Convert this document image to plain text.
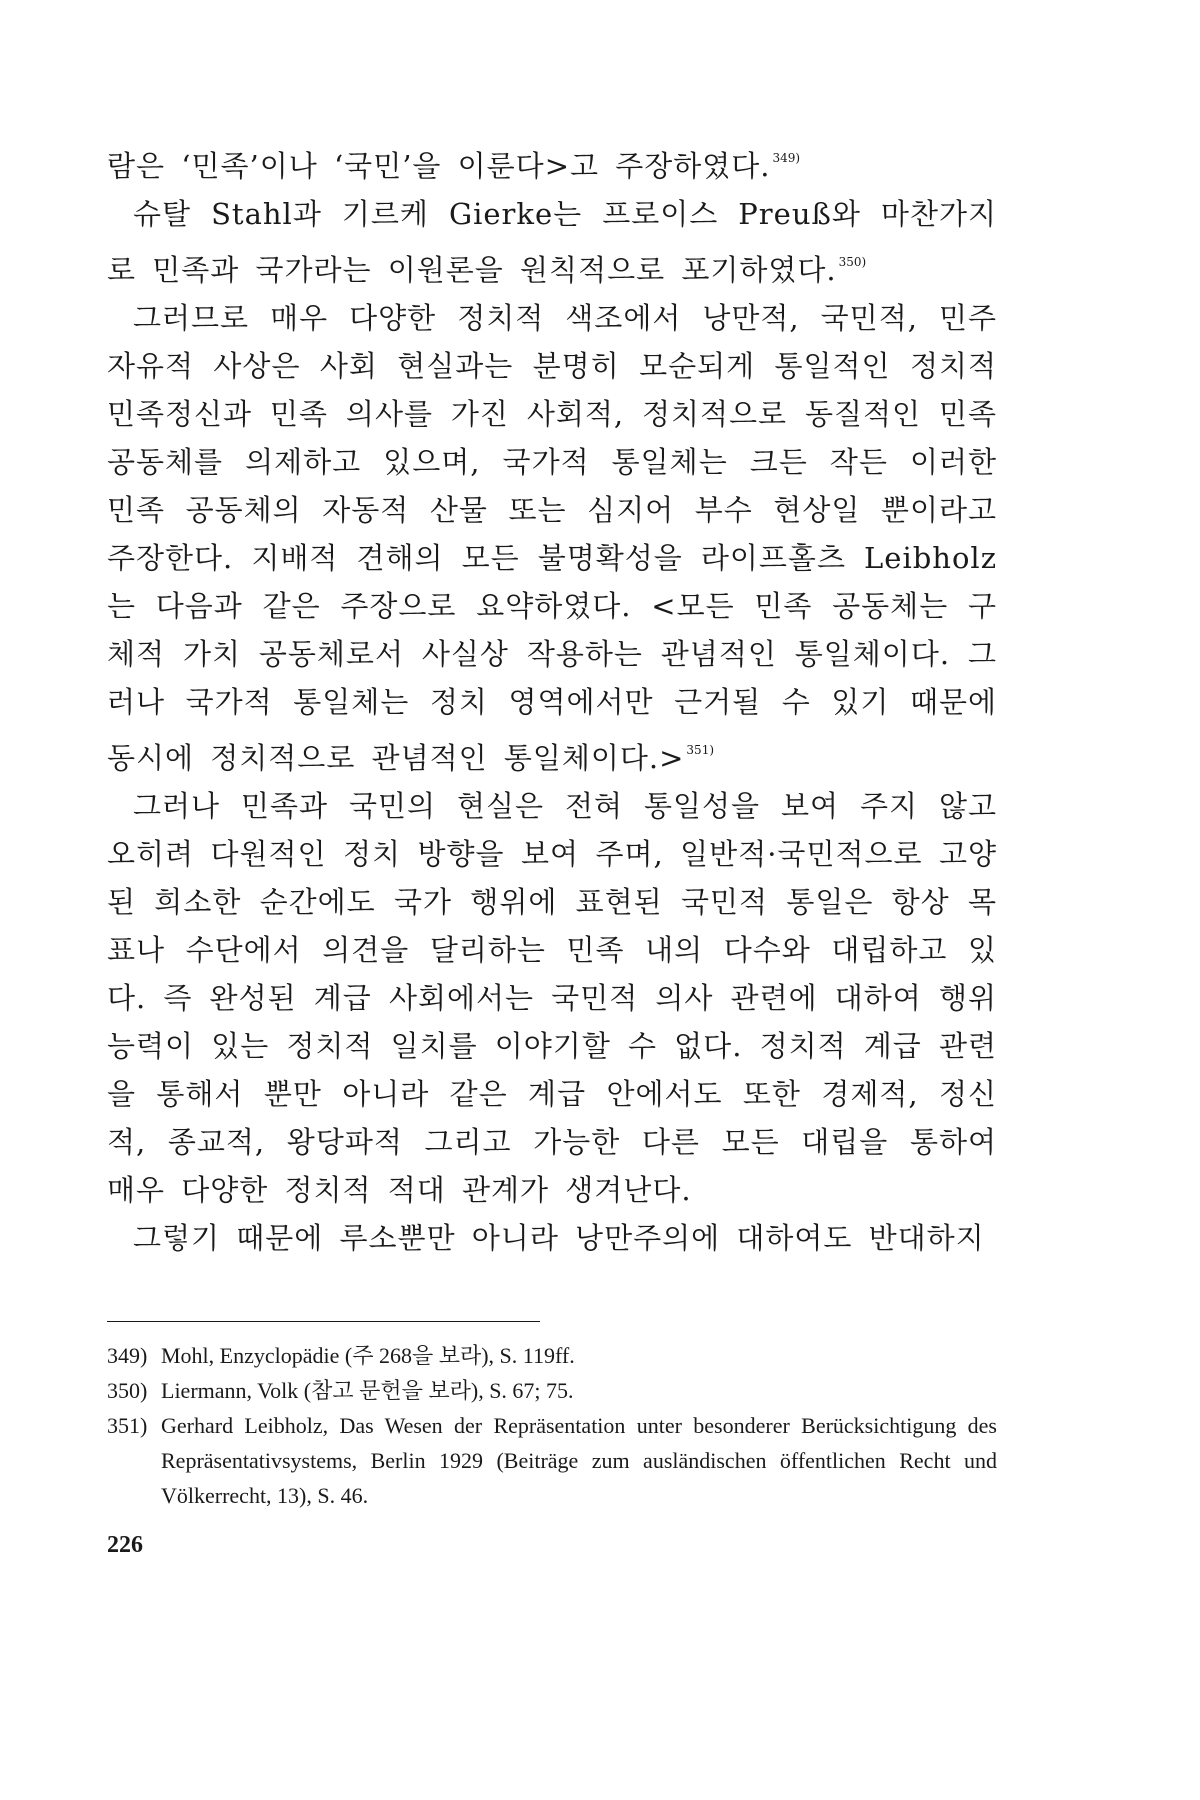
람은 ‘민족’이나 ‘국민’을 이룬다>고 주장하였다. $^{349)}$

슈탈 Stahl과 기르케 Gierke는 프로이스 Preuß와 마찬가지로 민족과 국가라는 이원론을 원칙적으로 포기하였다. $^{350)}$

그러므로 매우 다양한 정치적 색조에서 낭만적, 국민적, 민주 자유적 사상은 사회 현실과는 분명히 모순되게 통일적인 정치적 민족정신과 민족 의사를 가진 사회적, 정치적으로 동질적인 민족 공동체를 의제하고 있으며, 국가적 통일체는 크든 작든 이러한 민족 공동체의 자동적 산물 또는 심지어 부수 현상일 뿐이라고 주장한다. 지배적 견해의 모든 불명확성을 라이프홀츠 Leibholz는 다음과 같은 주장으로 요약하였다. <모든 민족 공동체는 구체적 가치 공동체로서 사실상 작용하는 관념적인 통일체이다. 그러나 국가적 통일체는 정치 영역에서만 근거될 수 있기 때문에 동시에 정치적으로 관념적인 통일체이다.> $^{351)}$

그러나 민족과 국민의 현실은 전혀 통일성을 보여 주지 않고 오히려 다원적인 정치 방향을 보여 주며, 일반적·국민적으로 고양된 희소한 순간에도 국가 행위에 표현된 국민적 통일은 항상 목표나 수단에서 의견을 달리하는 민족 내의 다수와 대립하고 있다. 즉 완성된 계급 사회에서는 국민적 의사 관련에 대하여 행위 능력이 있는 정치적 일치를 이야기할 수 없다. 정치적 계급 관련을 통해서 뿐만 아니라 같은 계급 안에서도 또한 경제적, 정신적, 종교적, 왕당파적 그리고 가능한 다른 모든 대립을 통하여 매우 다양한 정치적 적대 관계가 생겨난다.

그렇기 때문에 루소뿐만 아니라 낭만주의에 대하여도 반대하지

349) Mohl, Enzyclopädie (주 268을 보라), S. 119ff.
350) Liermann, Volk (참고 문헌을 보라), S. 67; 75.
351) Gerhard Leibholz, Das Wesen der Repräsentation unter besonderer Berücksichtigung des Repräsentativsystems, Berlin 1929 (Beiträge zum ausländischen öffentlichen Recht und Völkerrecht, 13), S. 46.
226
